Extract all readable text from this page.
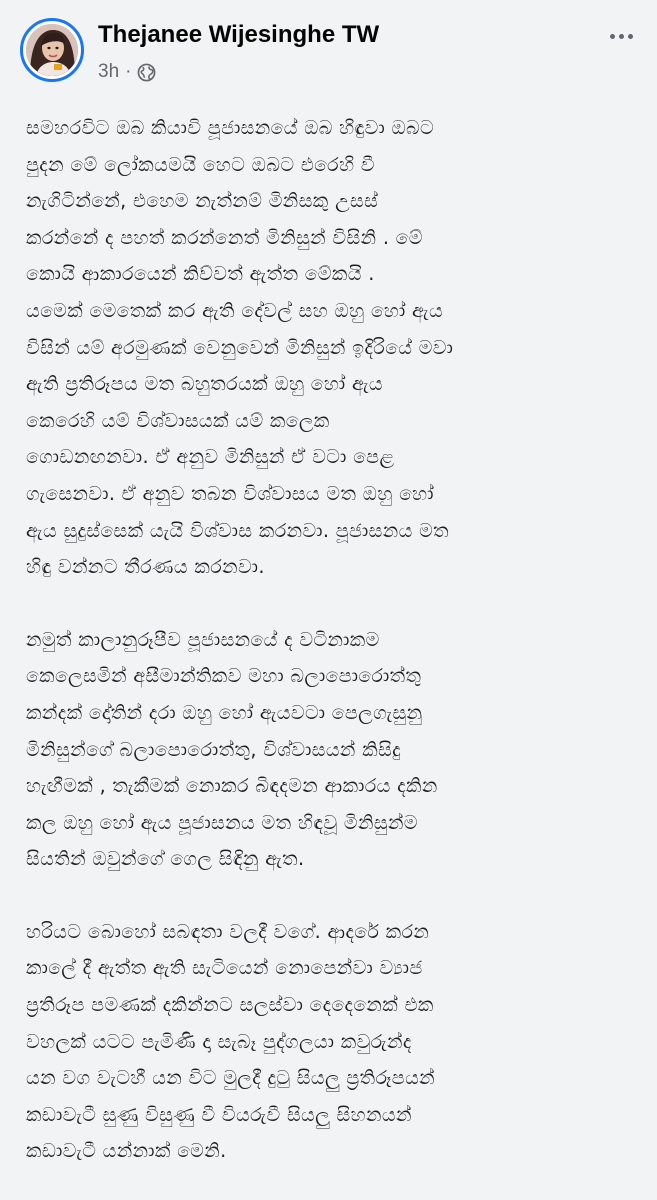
Thejanee Wijesinghe TW
3h ·

සමහරවිට ඔබ කියාවි පූජාසනයේ ඔබ හිඳුවා ඔබට
පුදන මේ ලෝකයමයි හෙට ඔබට එරෙහි වී
නැගිටින්නේ, එහෙම නැත්නම් මිනිසකු උසස්
කරන්නේ ද පහත් කරන්නෙත් මිනිසුන් විසිනි . මේ
කොයි ආකාරයෙන් කිව්වත් ඇත්ත මේකයි .
යමෙක් මෙතෙක් කර ඇති දේවල් සහ ඔහු හෝ ඇය
විසින් යම් අරමුණක් වෙනුවෙන් මිනිසුන් ඉදිරියේ මවා
ඇති ප්‍රතිරූපය මත බහුතරයක් ඔහු හෝ ඇය
කෙරෙහි යම් විශ්වාසයක් යම් කලෙක
ගොඩනඟනවා. ඒ අනුව මිනිසුන් ඒ වටා පෙළ
ගැසෙනවා. ඒ අනුව තබන විශ්වාසය මත ඔහු හෝ
ඇය සුදුස්සෙක් යැයි විශ්වාස කරනවා. පූජාසනය මත
හිඳු වන්නට තීරණය කරනවා.

නමුත් කාලානුරූපීව පූජාසනයේ ද වටිනාකම
කෙලෙසමින් අසීමාන්තිකව මහා බලාපොරොත්තු
කන්දක් දෝතින් දරා ඔහු හෝ ඇයවටා පෙලගැසුනු
මිනිසුන්ගේ බලාපොරොත්තු, විශ්වාසයන් කිසිදු
හැඟීමක් , තැකීමක් නොකර බිඳදමන ආකාරය දකින
කල ඔහු හෝ ඇය පූජාසනය මත හිඳවූ මිනිසුන්ම
සියතින් ඔවුන්ගේ ගෙල සිඳිනු ඇත.

හරියට බොහෝ සබඳතා වලදී වගේ. ආදරේ කරන
කාලේ දී ඇත්ත ඇති සැටියෙන් නොපෙන්වා ව්‍යාජ
ප්‍රතිරූප පමණක් දකින්නට සලස්වා දෙදෙනෙක් එක
වහලක් යටට පැමිණි දා සැබෑ පුද්ගලයා කවුරුන්ද
යන වග වැටහී යන විට මුලදී දුටු සියලු ප්‍රතිරූපයන්
කඩාවැටී සුණු විසුණු වී වියරුවී සියලු සිහනයන්
කඩාවැටී යන්නාක් මෙනි.
